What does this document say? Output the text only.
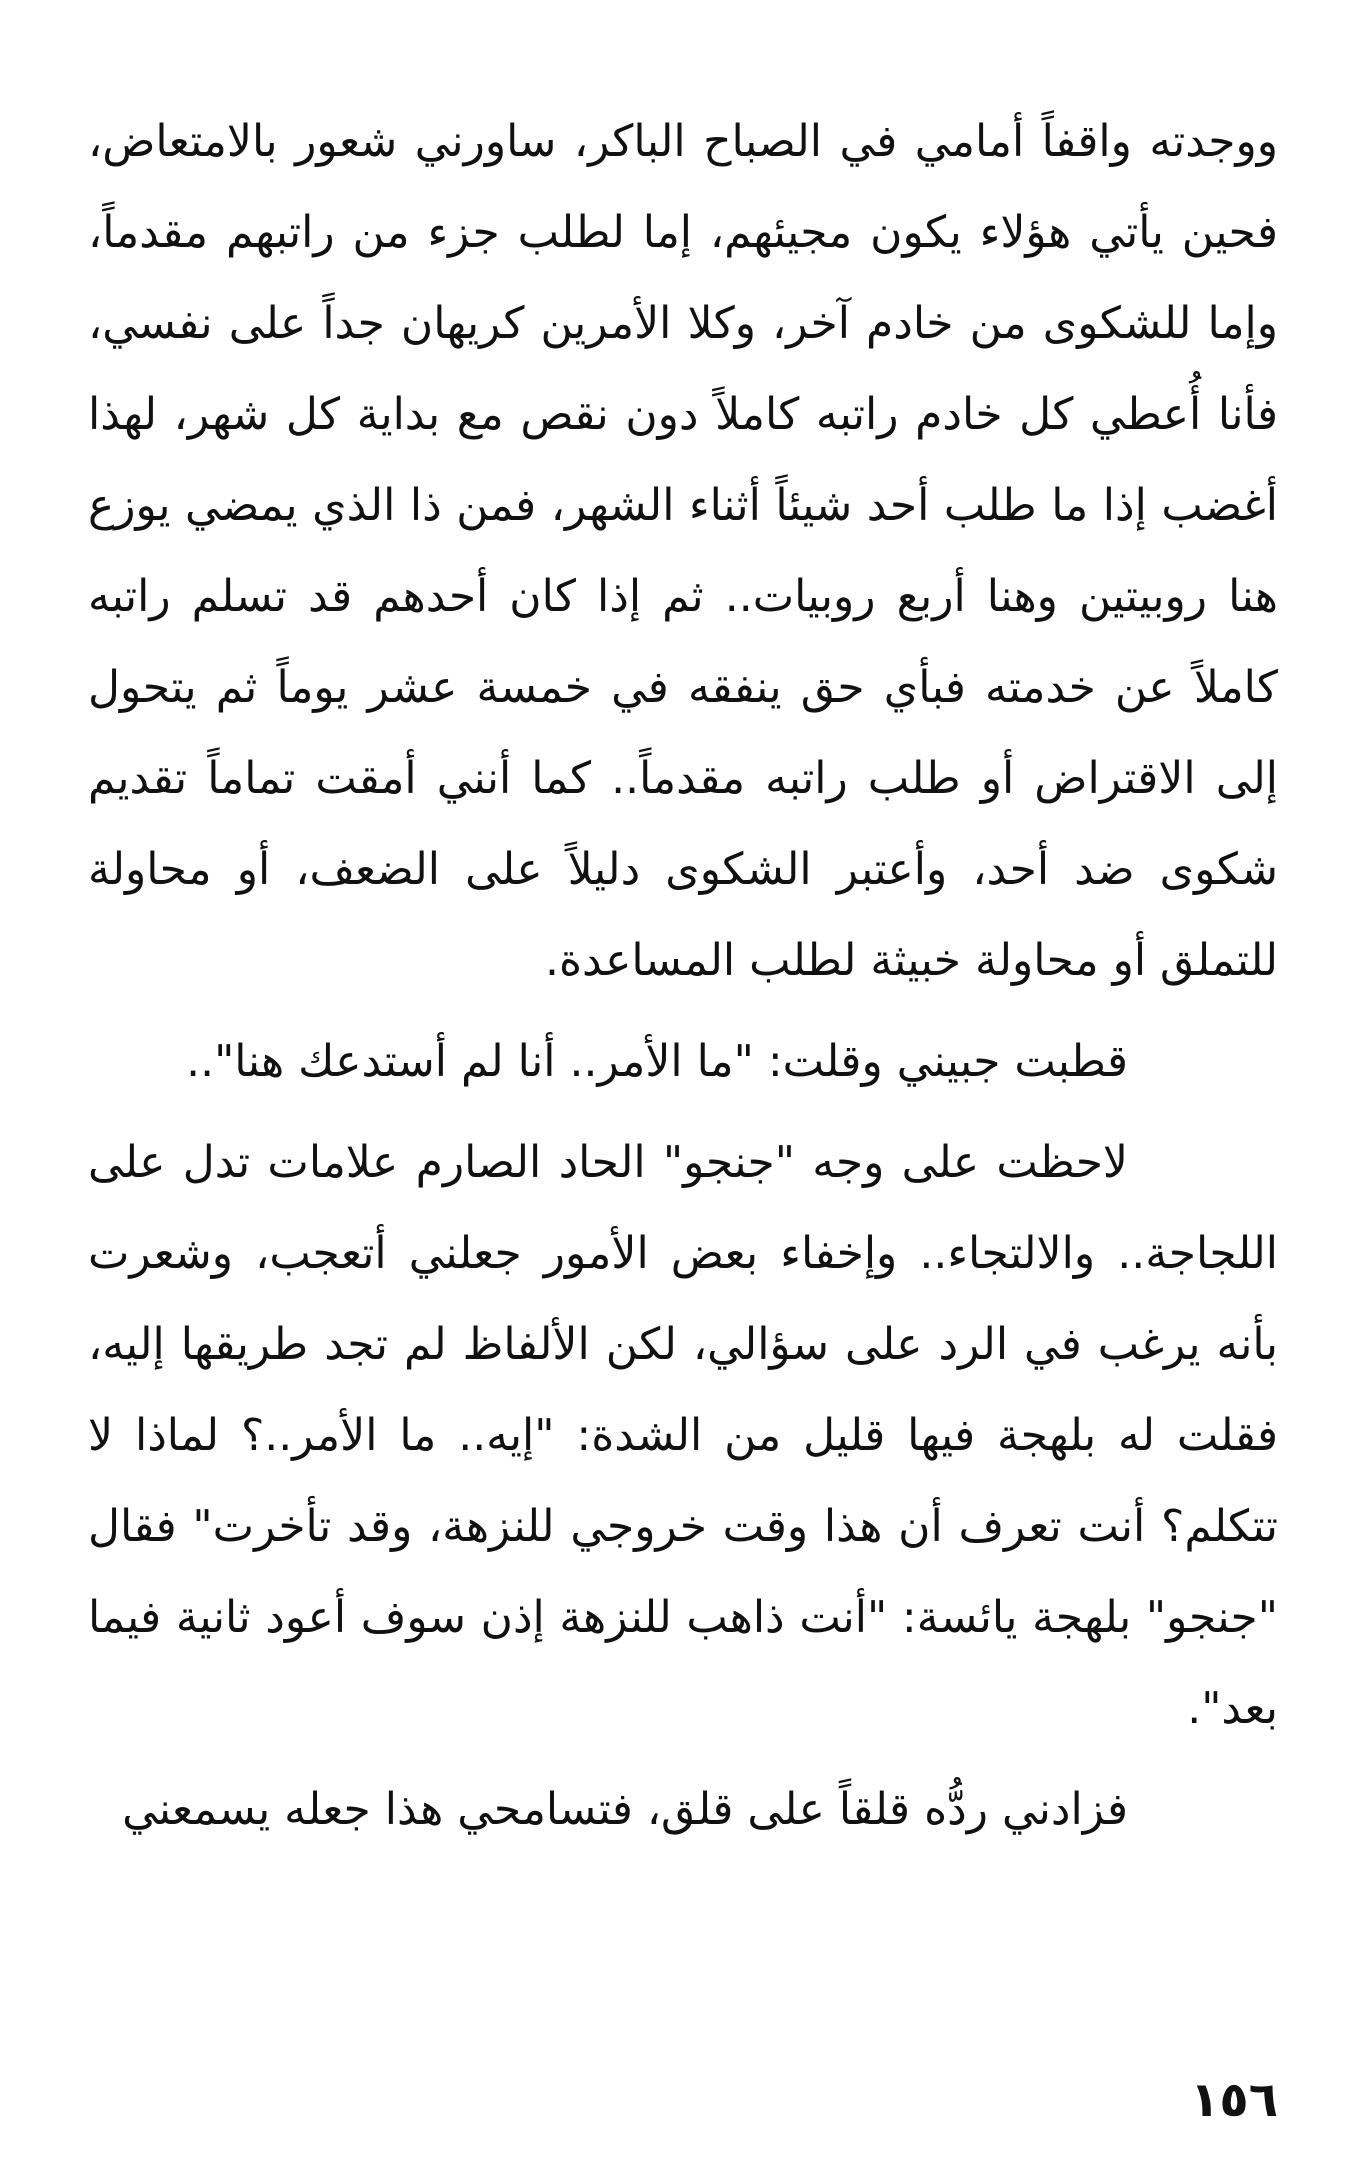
ووجدته واقفاً أمامي في الصباح الباكر، ساورني شعور بالامتعاض، فحين يأتي هؤلاء يكون مجيئهم، إما لطلب جزء من راتبهم مقدماً، وإما للشكوى من خادم آخر، وكلا الأمرين كريهان جداً على نفسي، فأنا أُعطي كل خادم راتبه كاملاً دون نقص مع بداية كل شهر، لهذا أغضب إذا ما طلب أحد شيئاً أثناء الشهر، فمن ذا الذي يمضي يوزع هنا روبيتين وهنا أربع روبيات.. ثم إذا كان أحدهم قد تسلم راتبه كاملاً عن خدمته فبأي حق ينفقه في خمسة عشر يوماً ثم يتحول إلى الاقتراض أو طلب راتبه مقدماً.. كما أنني أمقت تماماً تقديم شكوى ضد أحد، وأعتبر الشكوى دليلاً على الضعف، أو محاولة للتملق أو محاولة خبيثة لطلب المساعدة.

قطبت جبيني وقلت: "ما الأمر.. أنا لم أستدعك هنا"..

لاحظت على وجه "جنجو" الحاد الصارم علامات تدل على اللجاجة.. والالتجاء.. وإخفاء بعض الأمور جعلني أتعجب، وشعرت بأنه يرغب في الرد على سؤالي، لكن الألفاظ لم تجد طريقها إليه، فقلت له بلهجة فيها قليل من الشدة: "إيه.. ما الأمر..؟ لماذا لا تتكلم؟ أنت تعرف أن هذا وقت خروجي للنزهة، وقد تأخرت" فقال "جنجو" بلهجة يائسة: "أنت ذاهب للنزهة إذن سوف أعود ثانية فيما بعد".

فزادني ردُّه قلقاً على قلق، فتسامحي هذا جعله يسمعني

١٥٦
